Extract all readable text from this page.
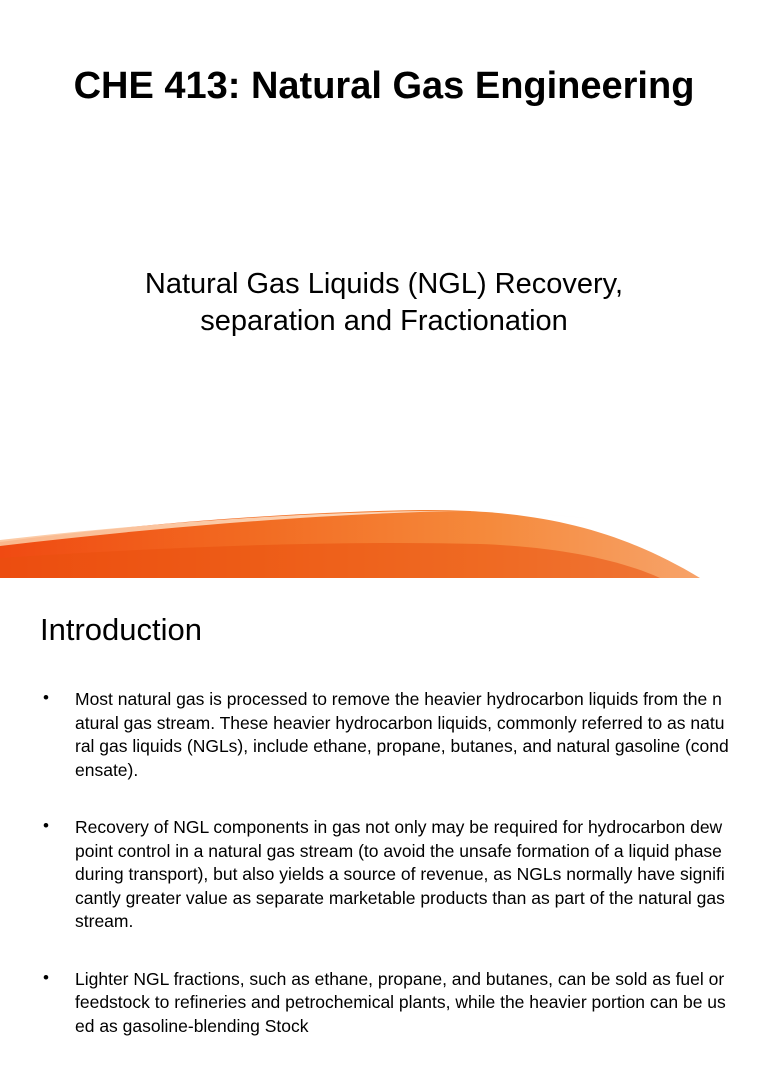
CHE 413: Natural Gas Engineering
Natural Gas Liquids (NGL) Recovery,
separation and Fractionation
Introduction
• Most natural gas is processed to remove the heavier hydrocarbon liquids from the natural gas stream. These heavier hydrocarbon liquids, commonly referred to as natural gas liquids (NGLs), include ethane, propane, butanes, and natural gasoline (condensate).
• Recovery of NGL components in gas not only may be required for hydrocarbon dew point control in a natural gas stream (to avoid the unsafe formation of a liquid phase during transport), but also yields a source of revenue, as NGLs normally have significantly greater value as separate marketable products than as part of the natural gas stream.
• Lighter NGL fractions, such as ethane, propane, and butanes, can be sold as fuel or feedstock to refineries and petrochemical plants, while the heavier portion can be used as gasoline-blending Stock
